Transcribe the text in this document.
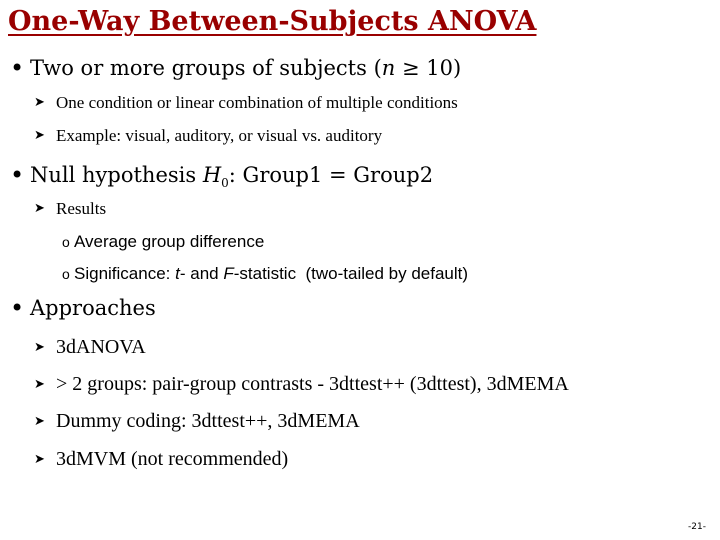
One-Way Between-Subjects ANOVA
• Two or more groups of subjects (n ≥ 10)
➤ One condition or linear combination of multiple conditions
➤ Example: visual, auditory, or visual vs. auditory
• Null hypothesis $H_0$: Group1 = Group2
➤ Results
o Average group difference
o Significance: t- and F-statistic  (two-tailed by default)
• Approaches
➤ 3dANOVA
➤ > 2 groups: pair-group contrasts - 3dttest++ (3dttest), 3dMEMA
➤ Dummy coding: 3dttest++, 3dMEMA
➤ 3dMVM (not recommended)
-21-
